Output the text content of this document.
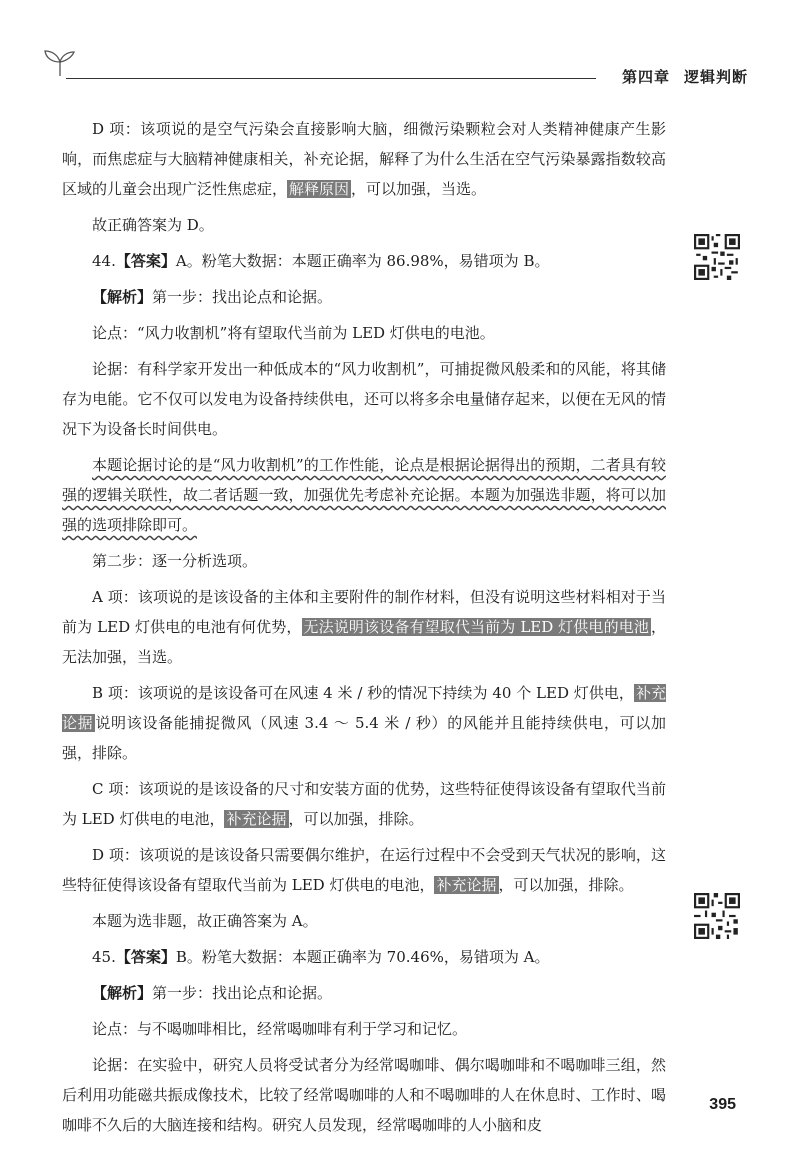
第四章 逻辑判断

D 项：该项说的是空气污染会直接影响大脑，细微污染颗粒会对人类精神健康产生影响，而焦虑症与大脑精神健康相关，补充论据，解释了为什么生活在空气污染暴露指数较高区域的儿童会出现广泛性焦虑症， 解释原因 ，可以加强，当选。

故正确答案为 D。

44.【答案】A。粉笔大数据：本题正确率为 86.98%，易错项为 B。

【解析】第一步：找出论点和论据。

论点：“风力收割机”将有望取代当前为 LED 灯供电的电池。

论据：有科学家开发出一种低成本的“风力收割机”，可捕捉微风般柔和的风能，将其储存为电能。它不仅可以发电为设备持续供电，还可以将多余电量储存起来，以便在无风的情况下为设备长时间供电。

本题论据讨论的是“风力收割机”的工作性能，论点是根据论据得出的预期，二者具有较强的逻辑关联性，故二者话题一致，加强优先考虑补充论据。本题为加强选非题，将可以加强的选项排除即可。

第二步：逐一分析选项。

A 项：该项说的是该设备的主体和主要附件的制作材料，但没有说明这些材料相对于当前为 LED 灯供电的电池有何优势， 无法说明该设备有望取代当前为 LED 灯供电的电池 ，无法加强，当选。

B 项：该项说的是该设备可在风速 4 米 / 秒的情况下持续为 40 个 LED 灯供电， 补充论据 说明该设备能捕捉微风（风速 3.4 ～ 5.4 米 / 秒）的风能并且能持续供电，可以加强，排除。

C 项：该项说的是该设备的尺寸和安装方面的优势，这些特征使得该设备有望取代当前为 LED 灯供电的电池， 补充论据 ，可以加强，排除。

D 项：该项说的是该设备只需要偶尔维护，在运行过程中不会受到天气状况的影响，这些特征使得该设备有望取代当前为 LED 灯供电的电池， 补充论据 ，可以加强，排除。

本题为选非题，故正确答案为 A。

45.【答案】B。粉笔大数据：本题正确率为 70.46%，易错项为 A。

【解析】第一步：找出论点和论据。

论点：与不喝咖啡相比，经常喝咖啡有利于学习和记忆。

论据：在实验中，研究人员将受试者分为经常喝咖啡、偶尔喝咖啡和不喝咖啡三组，然后利用功能磁共振成像技术，比较了经常喝咖啡的人和不喝咖啡的人在休息时、工作时、喝咖啡不久后的大脑连接和结构。研究人员发现，经常喝咖啡的人小脑和皮

395
